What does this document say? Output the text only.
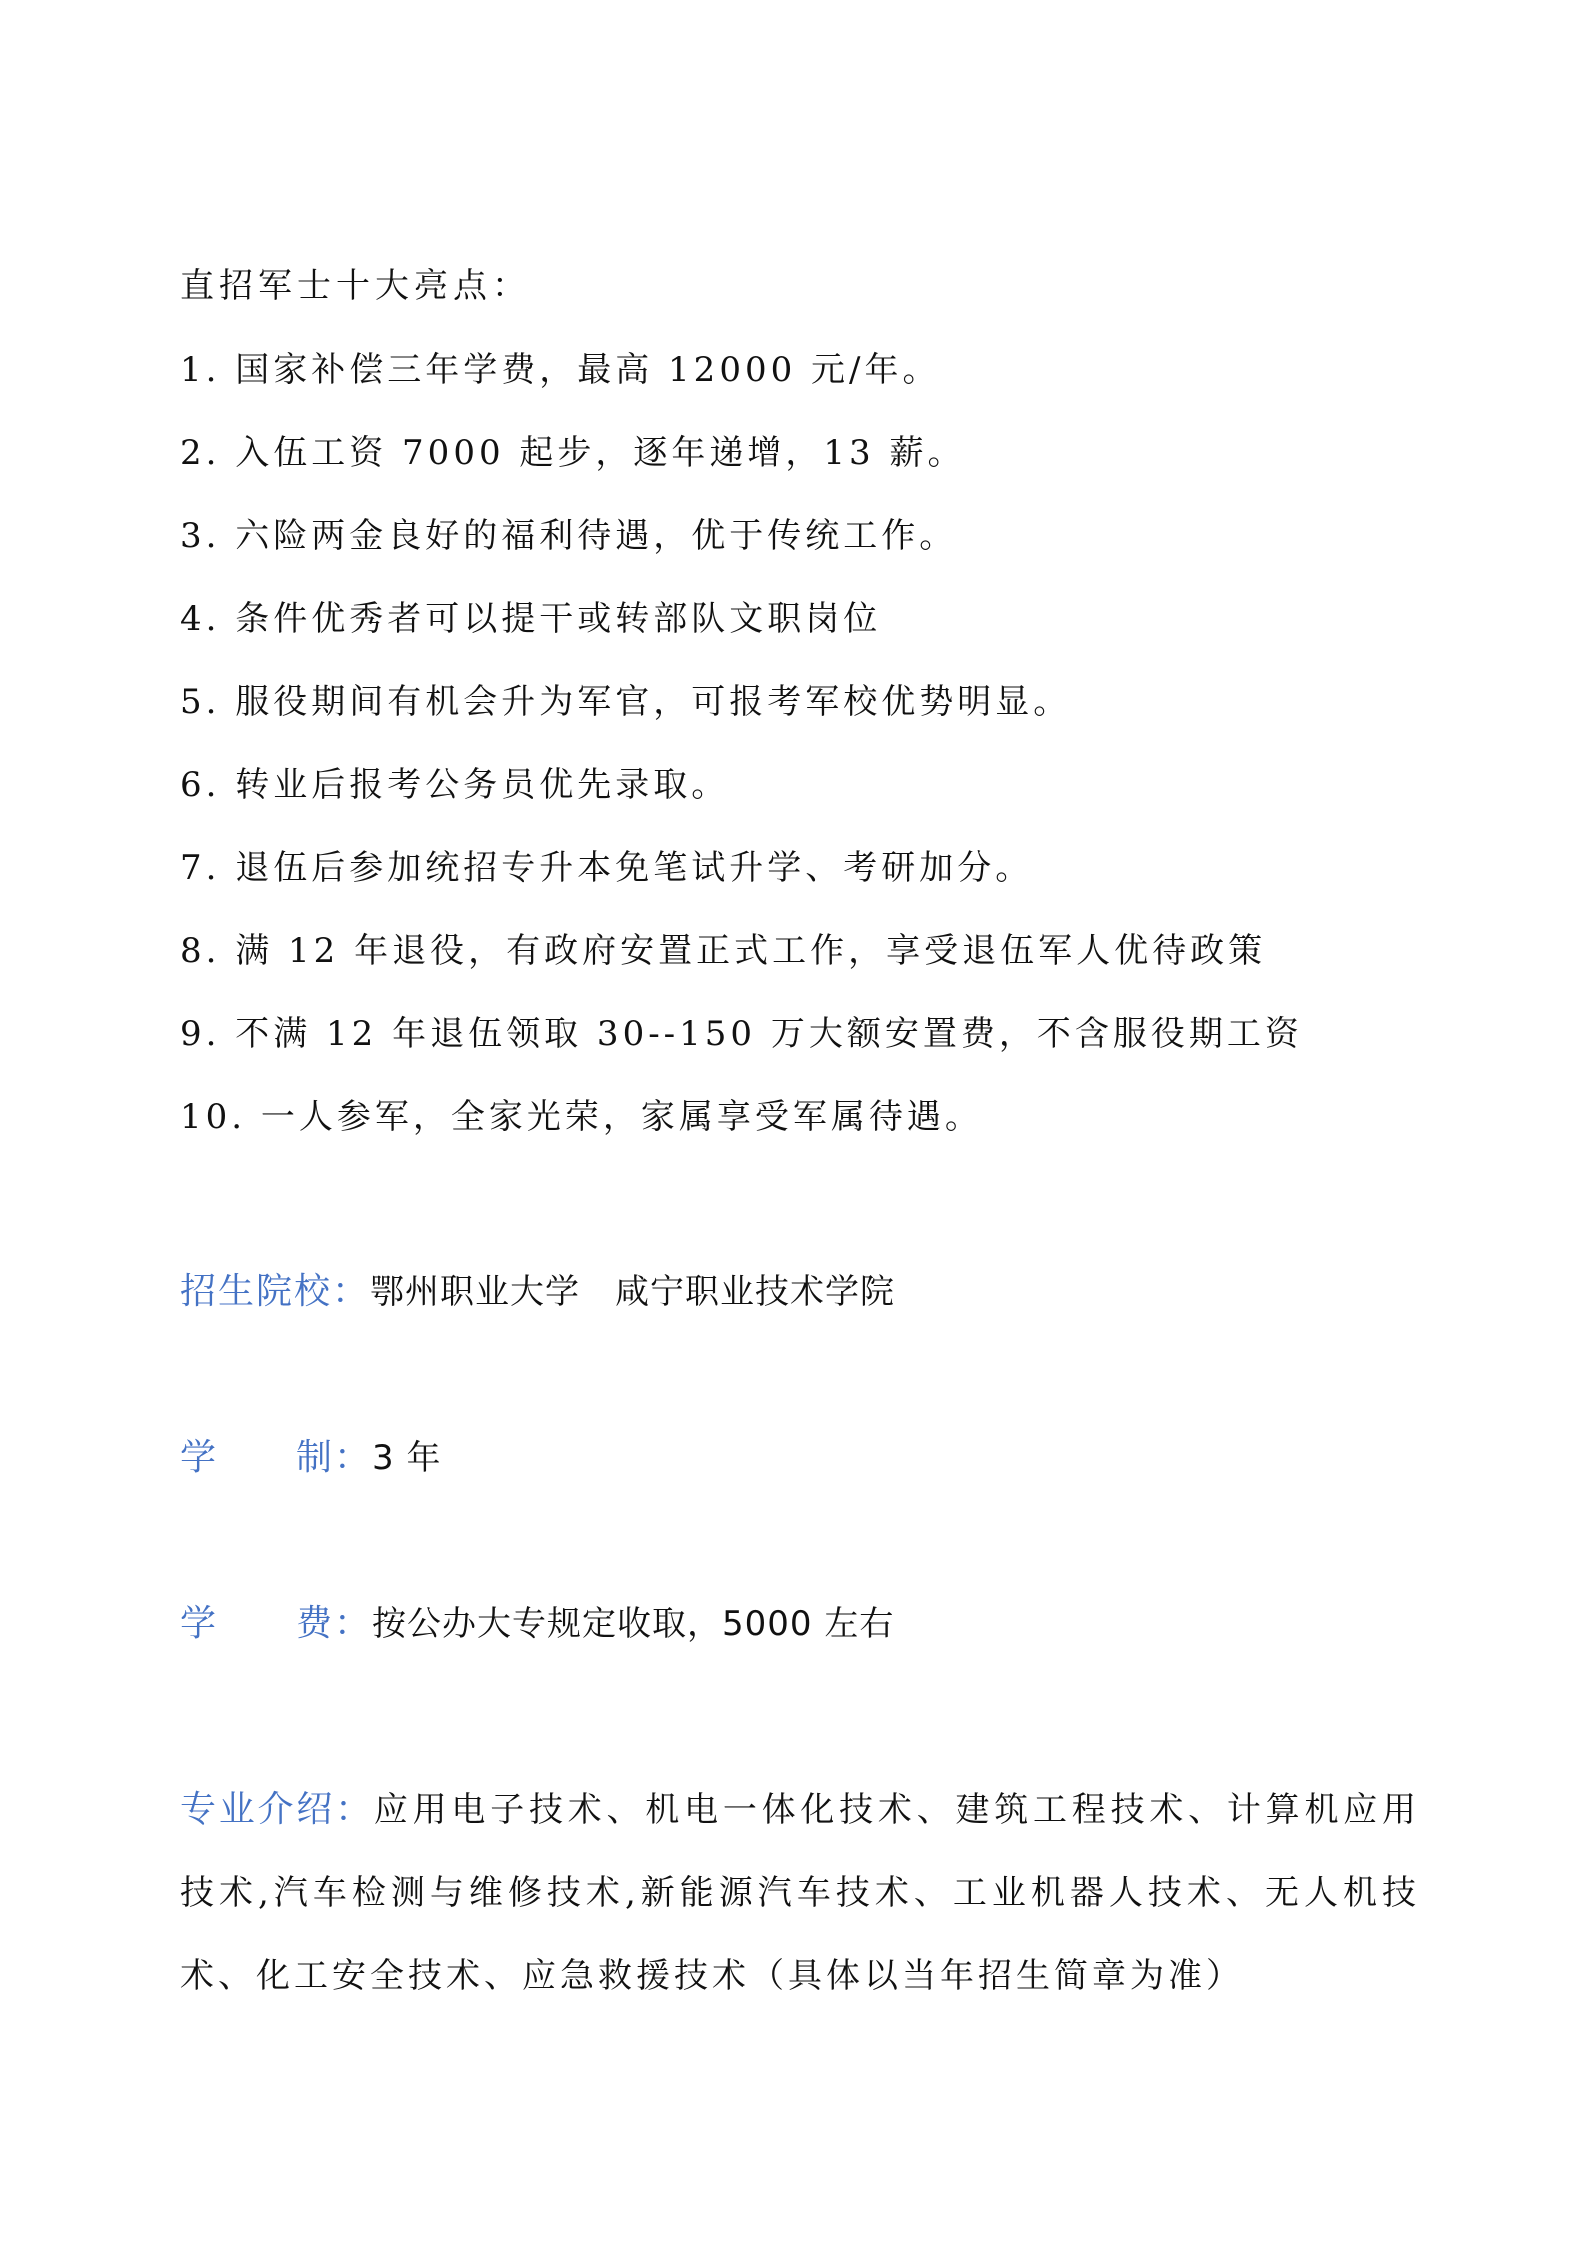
直招军士十大亮点：
1. 国家补偿三年学费，最高 12000 元/年。
2. 入伍工资 7000 起步，逐年递增，13 薪。
3. 六险两金良好的福利待遇，优于传统工作。
4. 条件优秀者可以提干或转部队文职岗位
5. 服役期间有机会升为军官，可报考军校优势明显。
6. 转业后报考公务员优先录取。
7. 退伍后参加统招专升本免笔试升学、考研加分。
8. 满 12 年退役，有政府安置正式工作，享受退伍军人优待政策
9. 不满 12 年退伍领取 30--150 万大额安置费，不含服役期工资
10. 一人参军，全家光荣，家属享受军属待遇。
招生院校：鄂州职业大学　咸宁职业技术学院
学制：3 年
学费：按公办大专规定收取，5000 左右
专业介绍：应用电子技术、机电一体化技术、建筑工程技术、计算机应用技术,汽车检测与维修技术,新能源汽车技术、工业机器人技术、无人机技术、化工安全技术、应急救援技术（具体以当年招生简章为准）
